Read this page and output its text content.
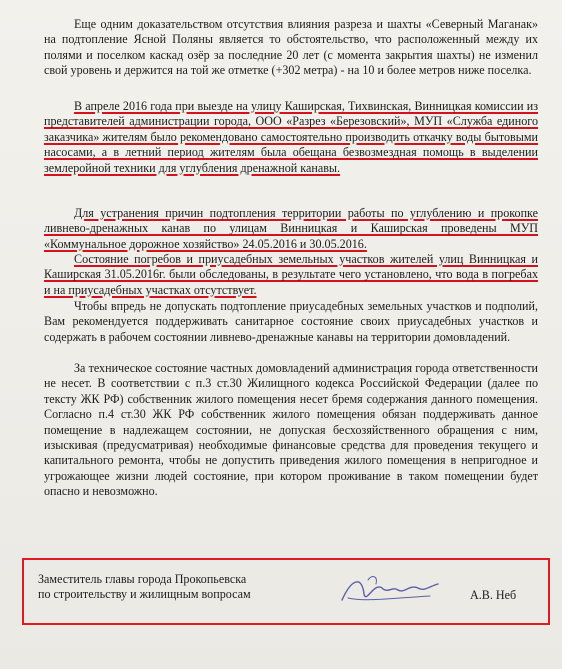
Еще одним доказательством отсутствия влияния разреза и шахты «Северный Маганак» на подтопление Ясной Поляны является то обстоятельство, что расположенный между их полями и поселком каскад озёр за последние 20 лет (с момента закрытия шахты) не изменил свой уровень и держится на той же отметке (+302 метра) - на 10 и более метров ниже поселка.

В апреле 2016 года при выезде на улицу Каширская, Тихвинская, Винницкая комиссии из представителей администрации города, ООО «Разрез «Березовский», МУП «Служба единого заказчика» жителям было рекомендовано самостоятельно производить откачку воды бытовыми насосами, а в летний период жителям была обещана безвозмездная помощь в выделении землеройной техники для углубления дренажной канавы.

Для устранения причин подтопления территории работы по углублению и прокопке ливнево-дренажных канав по улицам Винницкая и Каширская проведены МУП «Коммунальное дорожное хозяйство» 24.05.2016 и 30.05.2016.

Состояние погребов и приусадебных земельных участков жителей улиц Винницкая и Каширская 31.05.2016г. были обследованы, в результате чего установлено, что вода в погребах и на приусадебных участках отсутствует.

Чтобы впредь не допускать подтопление приусадебных земельных участков и подполий, Вам рекомендуется поддерживать санитарное состояние своих приусадебных участков и содержать в рабочем состоянии ливнево-дренажные канавы на территории домовладений.

За техническое состояние частных домовладений администрация города ответственности не несет. В соответствии с п.3 ст.30 Жилищного кодекса Российской Федерации (далее по тексту ЖК РФ) собственник жилого помещения несет бремя содержания данного помещения. Согласно п.4 ст.30 ЖК РФ собственник жилого помещения обязан поддерживать данное помещение в надлежащем состоянии, не допуская бесхозяйственного обращения с ним, изыскивая (предусматривая) необходимые финансовые средства для проведения текущего и капитального ремонта, чтобы не допустить приведения жилого помещения в непригодное и угрожающее жизни людей состояние, при котором проживание в таком помещении будет опасно и невозможно.

Заместитель главы города Прокопьевска
по строительству и жилищным вопросам	А.В. Неб
